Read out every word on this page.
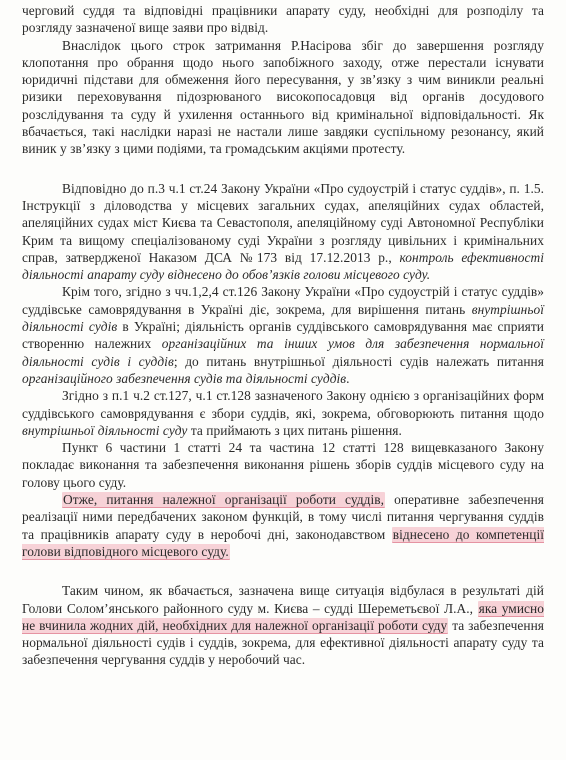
черговий суддя та відповідні працівники апарату суду, необхідні для розподілу та розгляду зазначеної вище заяви про відвід.

Внаслідок цього строк затримання Р.Насірова збіг до завершення розгляду клопотання про обрання щодо нього запобіжного заходу, отже перестали існувати юридичні підстави для обмеження його пересування, у зв’язку з чим виникли реальні ризики переховування підозрюваного високопосадовця від органів досудового розслідування та суду й ухилення останнього від кримінальної відповідальності. Як вбачається, такі наслідки наразі не настали лише завдяки суспільному резонансу, який виник у зв’язку з цими подіями, та громадським акціями протесту.

Відповідно до п.3 ч.1 ст.24 Закону України «Про судоустрій і статус суддів», п. 1.5. Інструкції з діловодства у місцевих загальних судах, апеляційних судах областей, апеляційних судах міст Києва та Севастополя, апеляційному суді Автономної Республіки Крим та вищому спеціалізованому суді України з розгляду цивільних і кримінальних справ, затвердженої Наказом ДСА №173 від 17.12.2013 р., контроль ефективності діяльності апарату суду віднесено до обов’язків голови місцевого суду.

Крім того, згідно з чч.1,2,4 ст.126 Закону України «Про судоустрій і статус суддів» суддівське самоврядування в Україні діє, зокрема, для вирішення питань внутрішньої діяльності судів в Україні; діяльність органів суддівського самоврядування має сприяти створенню належних організаційних та інших умов для забезпечення нормальної діяльності судів і суддів; до питань внутрішньої діяльності судів належать питання організаційного забезпечення судів та діяльності суддів.

Згідно з п.1 ч.2 ст.127, ч.1 ст.128 зазначеного Закону однією з організаційних форм суддівського самоврядування є збори суддів, які, зокрема, обговорюють питання щодо внутрішньої діяльності суду та приймають з цих питань рішення.

Пункт 6 частини 1 статті 24 та частина 12 статті 128 вищевказаного Закону покладає виконання та забезпечення виконання рішень зборів суддів місцевого суду на голову цього суду.

Отже, питання належної організації роботи суддів, оперативне забезпечення реалізації ними передбачених законом функцій, в тому числі питання чергування суддів та працівників апарату суду в неробочі дні, законодавством віднесено до компетенції голови відповідного місцевого суду.

Таким чином, як вбачається, зазначена вище ситуація відбулася в результаті дій Голови Солом’янського районного суду м. Києва – судді Шереметьєвої Л.А., яка умисно не вчинила жодних дій, необхідних для належної організації роботи суду та забезпечення нормальної діяльності судів і суддів, зокрема, для ефективної діяльності апарату суду та забезпечення чергування суддів у неробочий час.
